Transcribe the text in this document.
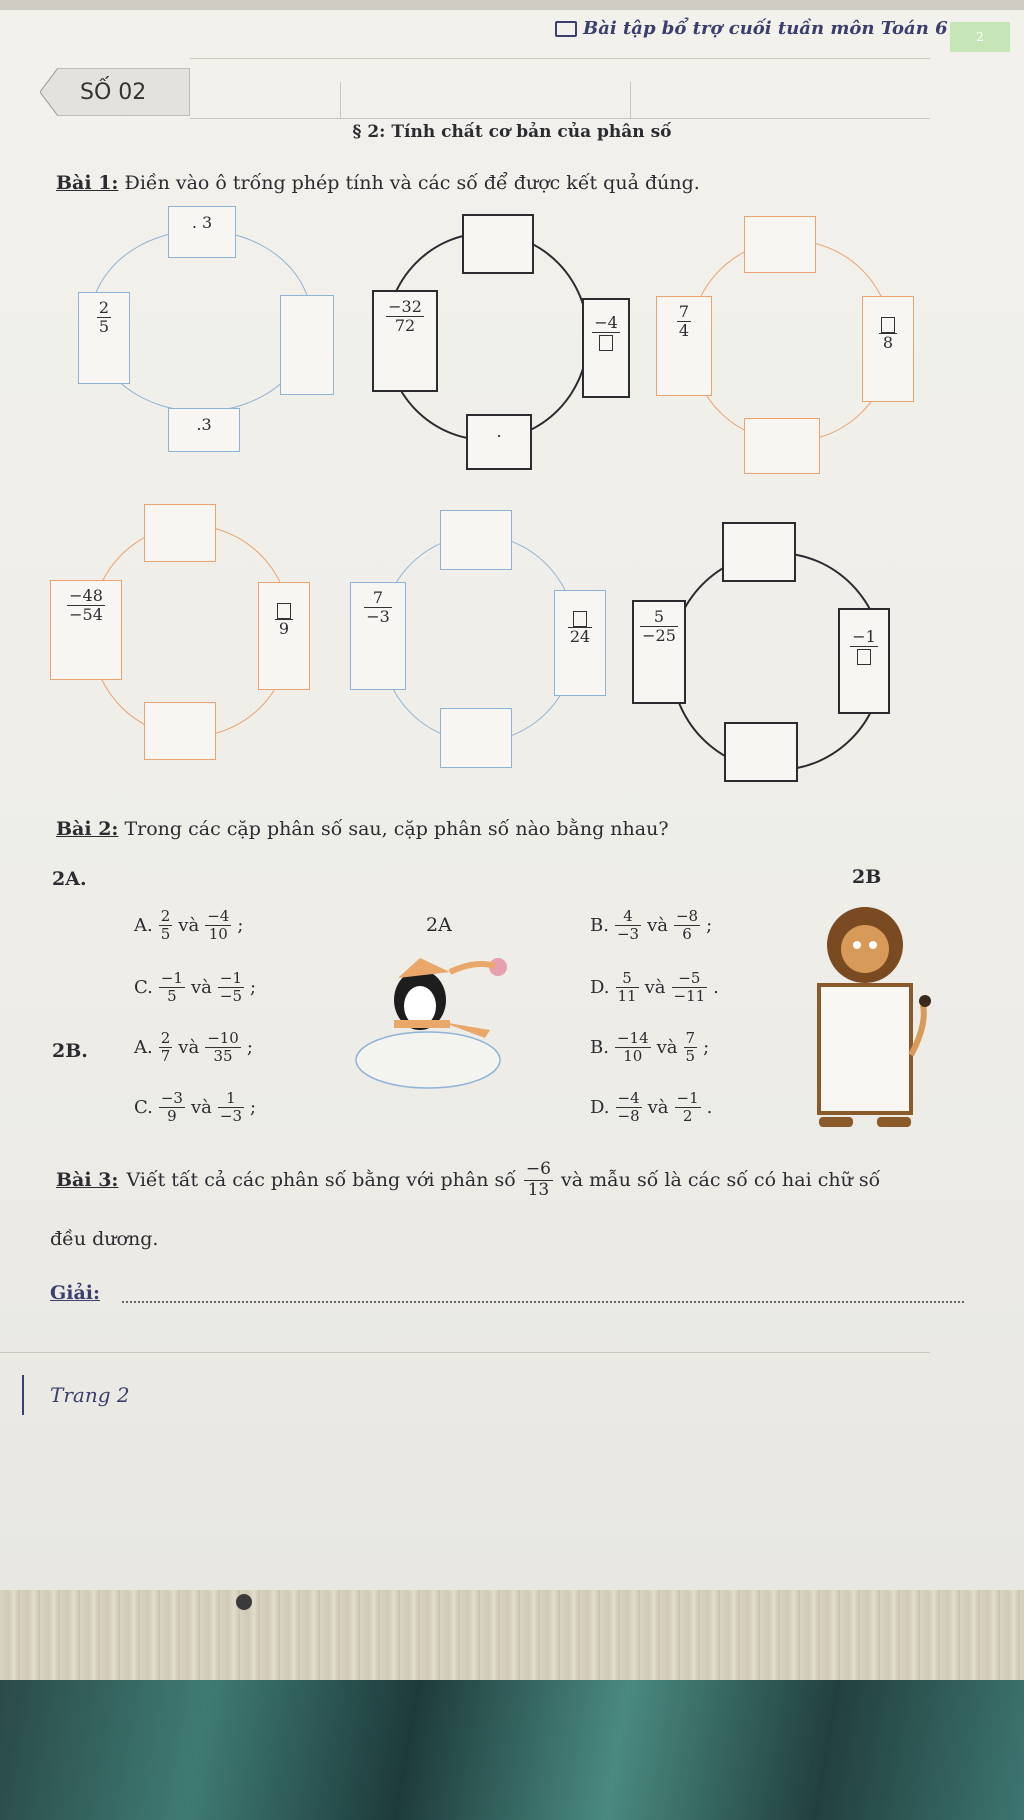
Bài tập bổ trợ cuối tuần môn Toán 6	2
SỐ 02
§ 2: Tính chất cơ bản của phân số
Bài 1: Điền vào ô trống phép tính và các số để được kết quả đúng.
. 3
$\frac{2}{5}$
.3
$\frac{-32}{72}$	−4
.
$\frac{7}{4}$
8
$\frac{-48}{-54}$
9
$\frac{7}{-3}$
24	$\frac{5}{-25}$	−1
Bài 2: Trong các cặp phân số sau, cặp phân số nào bằng nhau?
2A.	2B
A. $\frac{2}{5}$ và $\frac{-4}{10}$ ;	2A	B. $\frac{4}{-3}$ và $\frac{-8}{6}$ ;
C. $\frac{-1}{5}$ và $\frac{-1}{-5}$ ;	D. $\frac{5}{11}$ và $\frac{-5}{-11}$ .
2B.	A. $\frac{2}{7}$ và $\frac{-10}{35}$ ;	B. $\frac{-14}{10}$ và $\frac{7}{5}$ ;
C. $\frac{-3}{9}$ và $\frac{1}{-3}$ ;	D. $\frac{-4}{-8}$ và $\frac{-1}{2}$ .
Bài 3: Viết tất cả các phân số bằng với phân số $\frac{-6}{13}$ và mẫu số là các số có hai chữ số
đều dương.
Giải:
Trang 2
